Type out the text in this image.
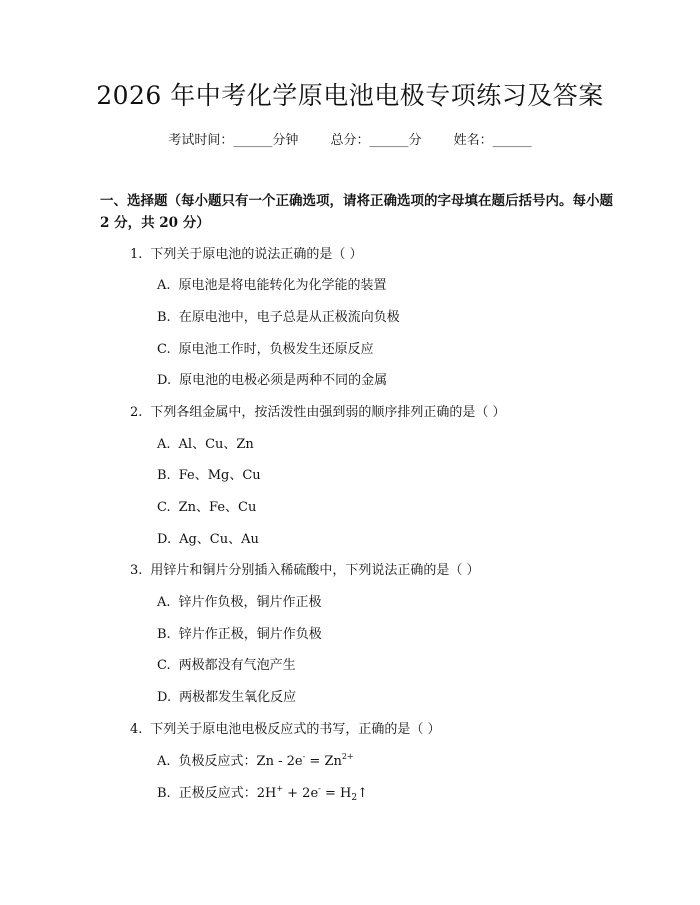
2026 年中考化学原电池电极专项练习及答案
考试时间：______分钟 总分：______分 姓名：______
一、选择题（每小题只有一个正确选项，请将正确选项的字母填在题后括号内。每小题 2 分，共 20 分）
1. 下列关于原电池的说法正确的是（ ）
A. 原电池是将电能转化为化学能的装置
B. 在原电池中，电子总是从正极流向负极
C. 原电池工作时，负极发生还原反应
D. 原电池的电极必须是两种不同的金属
2. 下列各组金属中，按活泼性由强到弱的顺序排列正确的是（ ）
A. Al、Cu、Zn
B. Fe、Mg、Cu
C. Zn、Fe、Cu
D. Ag、Cu、Au
3. 用锌片和铜片分别插入稀硫酸中，下列说法正确的是（ ）
A. 锌片作负极，铜片作正极
B. 锌片作正极，铜片作负极
C. 两极都没有气泡产生
D. 两极都发生氧化反应
4. 下列关于原电池电极反应式的书写，正确的是（ ）
A. 负极反应式：$Zn - 2e^- = Zn^{2+}$
B. 正极反应式：$2H^+ + 2e^- = H_2↑$
